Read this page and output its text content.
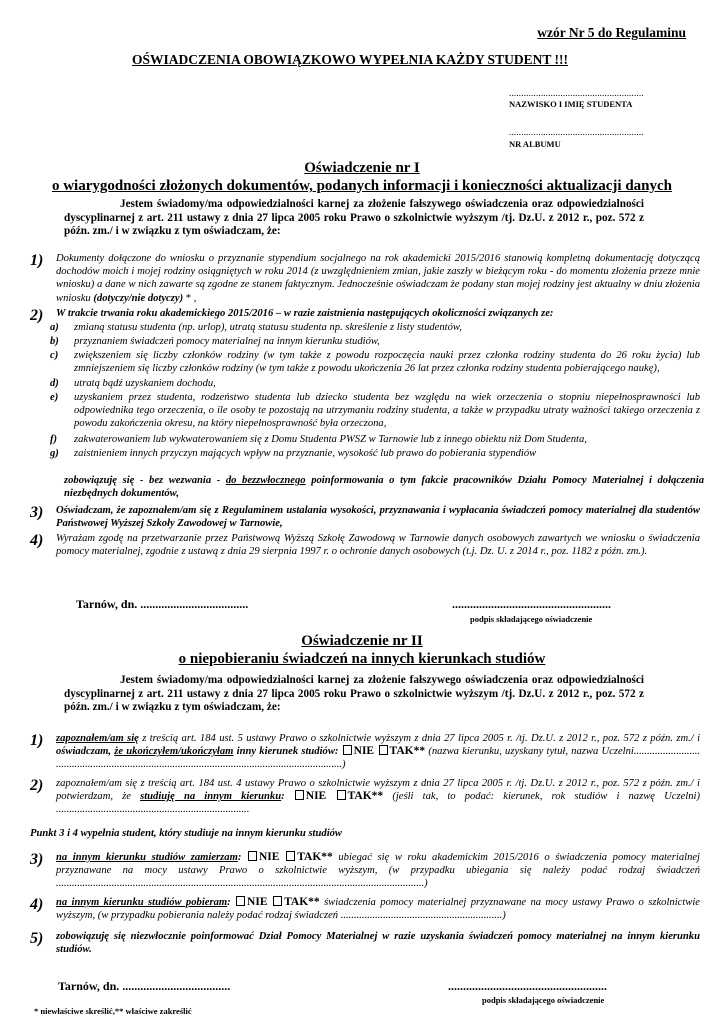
wzór Nr 5 do Regulaminu
OŚWIADCZENIA OBOWIĄZKOWO WYPEŁNIA KAŻDY STUDENT !!!
.......................................................
NAZWISKO I IMIĘ STUDENTA
.......................................................
NR ALBUMU
Oświadczenie nr I
o wiarygodności złożonych dokumentów, podanych informacji i konieczności aktualizacji danych
Jestem świadomy/ma odpowiedzialności karnej za złożenie fałszywego oświadczenia oraz odpowiedzialności dyscyplinarnej z art. 211 ustawy z dnia 27 lipca 2005 roku Prawo o szkolnictwie wyższym /tj. Dz.U. z 2012 r., poz. 572 z późn. zm./ i w związku z tym oświadczam, że:
1) Dokumenty dołączone do wniosku o przyznanie stypendium socjalnego na rok akademicki 2015/2016 stanowią kompletną dokumentację dotyczącą dochodów moich i mojej rodziny osiągniętych w roku 2014 (z uwzględnieniem zmian, jakie zaszły w bieżącym roku - do momentu złożenia przeze mnie wniosku) a dane w nich zawarte są zgodne ze stanem faktycznym. Jednocześnie oświadczam że podany stan mojej rodziny jest aktualny w dniu złożenia wniosku (dotyczy/nie dotyczy) * ,
2) W trakcie trwania roku akademickiego 2015/2016 – w razie zaistnienia następujących okoliczności związanych ze:
a) zmianą statusu studenta (np. urlop), utratą statusu studenta np. skreślenie z listy studentów,
b) przyznaniem świadczeń pomocy materialnej na innym kierunku studiów,
c) zwiększeniem się liczby członków rodziny (w tym także z powodu rozpoczęcia nauki przez członka rodziny studenta do 26 roku życia) lub zmniejszeniem się liczby członków rodziny (w tym także z powodu ukończenia 26 lat przez członka rodziny studenta pobierającego naukę),
d) utratą bądź uzyskaniem dochodu,
e) uzyskaniem przez studenta, rodzeństwo studenta lub dziecko studenta bez względu na wiek orzeczenia o stopniu niepełnosprawności lub odpowiednika tego orzeczenia, o ile osoby te pozostają na utrzymaniu rodziny studenta, a także w przypadku utraty ważności takiego orzeczenia z powodu zakończenia okresu, na który niepełnosprawność była orzeczona,
f) zakwaterowaniem lub wykwaterowaniem się z Domu Studenta PWSZ w Tarnowie lub z innego obiektu niż Dom Studenta,
g) zaistnieniem innych przyczyn mających wpływ na przyznanie, wysokość lub prawo do pobierania stypendiów
zobowiązuję się - bez wezwania - do bezzwłocznego poinformowania o tym fakcie pracowników Działu Pomocy Materialnej i dołączenia niezbędnych dokumentów,
3) Oświadczam, że zapoznałem/am się z Regulaminem ustalania wysokości, przyznawania i wypłacania świadczeń pomocy materialnej dla studentów Państwowej Wyższej Szkoły Zawodowej w Tarnowie,
4) Wyrażam zgodę na przetwarzanie przez Państwową Wyższą Szkołę Zawodową w Tarnowie danych osobowych zawartych we wniosku o świadczenia pomocy materialnej, zgodnie z ustawą z dnia 29 sierpnia 1997 r. o ochronie danych osobowych (t.j. Dz. U. z 2014 r., poz. 1182 z późn. zm.).
Tarnów, dn. ....................................	.....................................................
podpis składającego oświadczenie
Oświadczenie nr II
o niepobieraniu świadczeń na innych kierunkach studiów
Jestem świadomy/ma odpowiedzialności karnej za złożenie fałszywego oświadczenia oraz odpowiedzialności dyscyplinarnej z art. 211 ustawy z dnia 27 lipca 2005 roku Prawo o szkolnictwie wyższym /tj. Dz.U. z 2012 r., poz. 572 z późn. zm./ i w związku z tym oświadczam, że:
1) zapoznałem/am się z treścią art. 184 ust. 5 ustawy Prawo o szkolnictwie wyższym z dnia 27 lipca 2005 r. /tj. Dz.U. z 2012 r., poz. 572 z późn. zm./ i oświadczam, że ukończyłem/ukończyłam inny kierunek studiów: NIE TAK** (nazwa kierunku, uzyskany tytuł, nazwa Uczelni......................... ............................................................................................................)
2) zapoznałem/am się z treścią art. 184 ust. 4 ustawy Prawo o szkolnictwie wyższym z dnia 27 lipca 2005 r. /tj. Dz.U. z 2012 r., poz. 572 z późn. zm./ i potwierdzam, że studiuję na innym kierunku: NIE TAK** (jeśli tak, to podać: kierunek, rok studiów i nazwę Uczelni) .........................................................................
Punkt 3 i 4 wypełnia student, który studiuje na innym kierunku studiów
3) na innym kierunku studiów zamierzam: NIE TAK** ubiegać się w roku akademickim 2015/2016 o świadczenia pomocy materialnej przyznawane na mocy ustawy Prawo o szkolnictwie wyższym, (w przypadku ubiegania się należy podać rodzaj świadczeń ...........................................................................................................................................)
4) na innym kierunku studiów pobieram: NIE TAK** świadczenia pomocy materialnej przyznawane na mocy ustawy Prawo o szkolnictwie wyższym, (w przypadku pobierania należy podać rodzaj świadczeń .............................................................)
5) zobowiązuję się niezwłocznie poinformować Dział Pomocy Materialnej w razie uzyskania świadczeń pomocy materialnej na innym kierunku studiów.
Tarnów, dn. ....................................	.....................................................
podpis składającego oświadczenie
* niewłaściwe skreślić,** właściwe zakreślić
